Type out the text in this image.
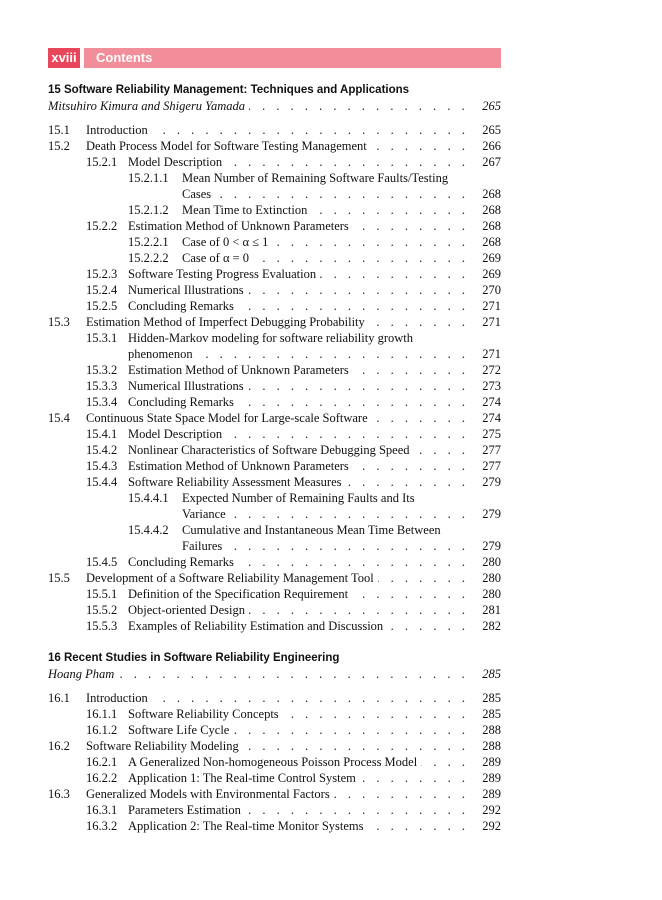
xviii	Contents
15 Software Reliability Management: Techniques and Applications
Mitsuhiro Kimura and Shigeru Yamada . . .	265
15.1	Introduction . . .	265
15.2	Death Process Model for Software Testing Management . . .	266
15.2.1 Model Description . . .	267
15.2.1.1	Mean Number of Remaining Software Faults/Testing
Cases . . .	268
15.2.1.2	Mean Time to Extinction . . .	268
15.2.2 Estimation Method of Unknown Parameters . . .	268
15.2.2.1	Case of 0 < α ≤ 1 . . .	268
15.2.2.2	Case of α = 0 . . .	269
15.2.3 Software Testing Progress Evaluation . . .	269
15.2.4 Numerical Illustrations . . .	270
15.2.5 Concluding Remarks . . .	271
15.3	Estimation Method of Imperfect Debugging Probability . . .	271
15.3.1 Hidden-Markov modeling for software reliability growth
phenomenon . . .	271
15.3.2 Estimation Method of Unknown Parameters . . .	272
15.3.3 Numerical Illustrations . . .	273
15.3.4 Concluding Remarks . . .	274
15.4	Continuous State Space Model for Large-scale Software . . .	274
15.4.1 Model Description . . .	275
15.4.2 Nonlinear Characteristics of Software Debugging Speed . . .	277
15.4.3 Estimation Method of Unknown Parameters . . .	277
15.4.4 Software Reliability Assessment Measures . . .	279
15.4.4.1	Expected Number of Remaining Faults and Its
Variance . . .	279
15.4.4.2	Cumulative and Instantaneous Mean Time Between
Failures . . .	279
15.4.5 Concluding Remarks . . .	280
15.5	Development of a Software Reliability Management Tool . . .	280
15.5.1 Definition of the Specification Requirement . . .	280
15.5.2 Object-oriented Design . . .	281
15.5.3 Examples of Reliability Estimation and Discussion . . .	282
16 Recent Studies in Software Reliability Engineering
Hoang Pham . . .	285
16.1	Introduction . . .	285
16.1.1 Software Reliability Concepts . . .	285
16.1.2 Software Life Cycle . . .	288
16.2	Software Reliability Modeling . . .	288
16.2.1 A Generalized Non-homogeneous Poisson Process Model . . .	289
16.2.2 Application 1: The Real-time Control System . . .	289
16.3	Generalized Models with Environmental Factors . . .	289
16.3.1 Parameters Estimation . . .	292
16.3.2 Application 2: The Real-time Monitor Systems . . .	292
